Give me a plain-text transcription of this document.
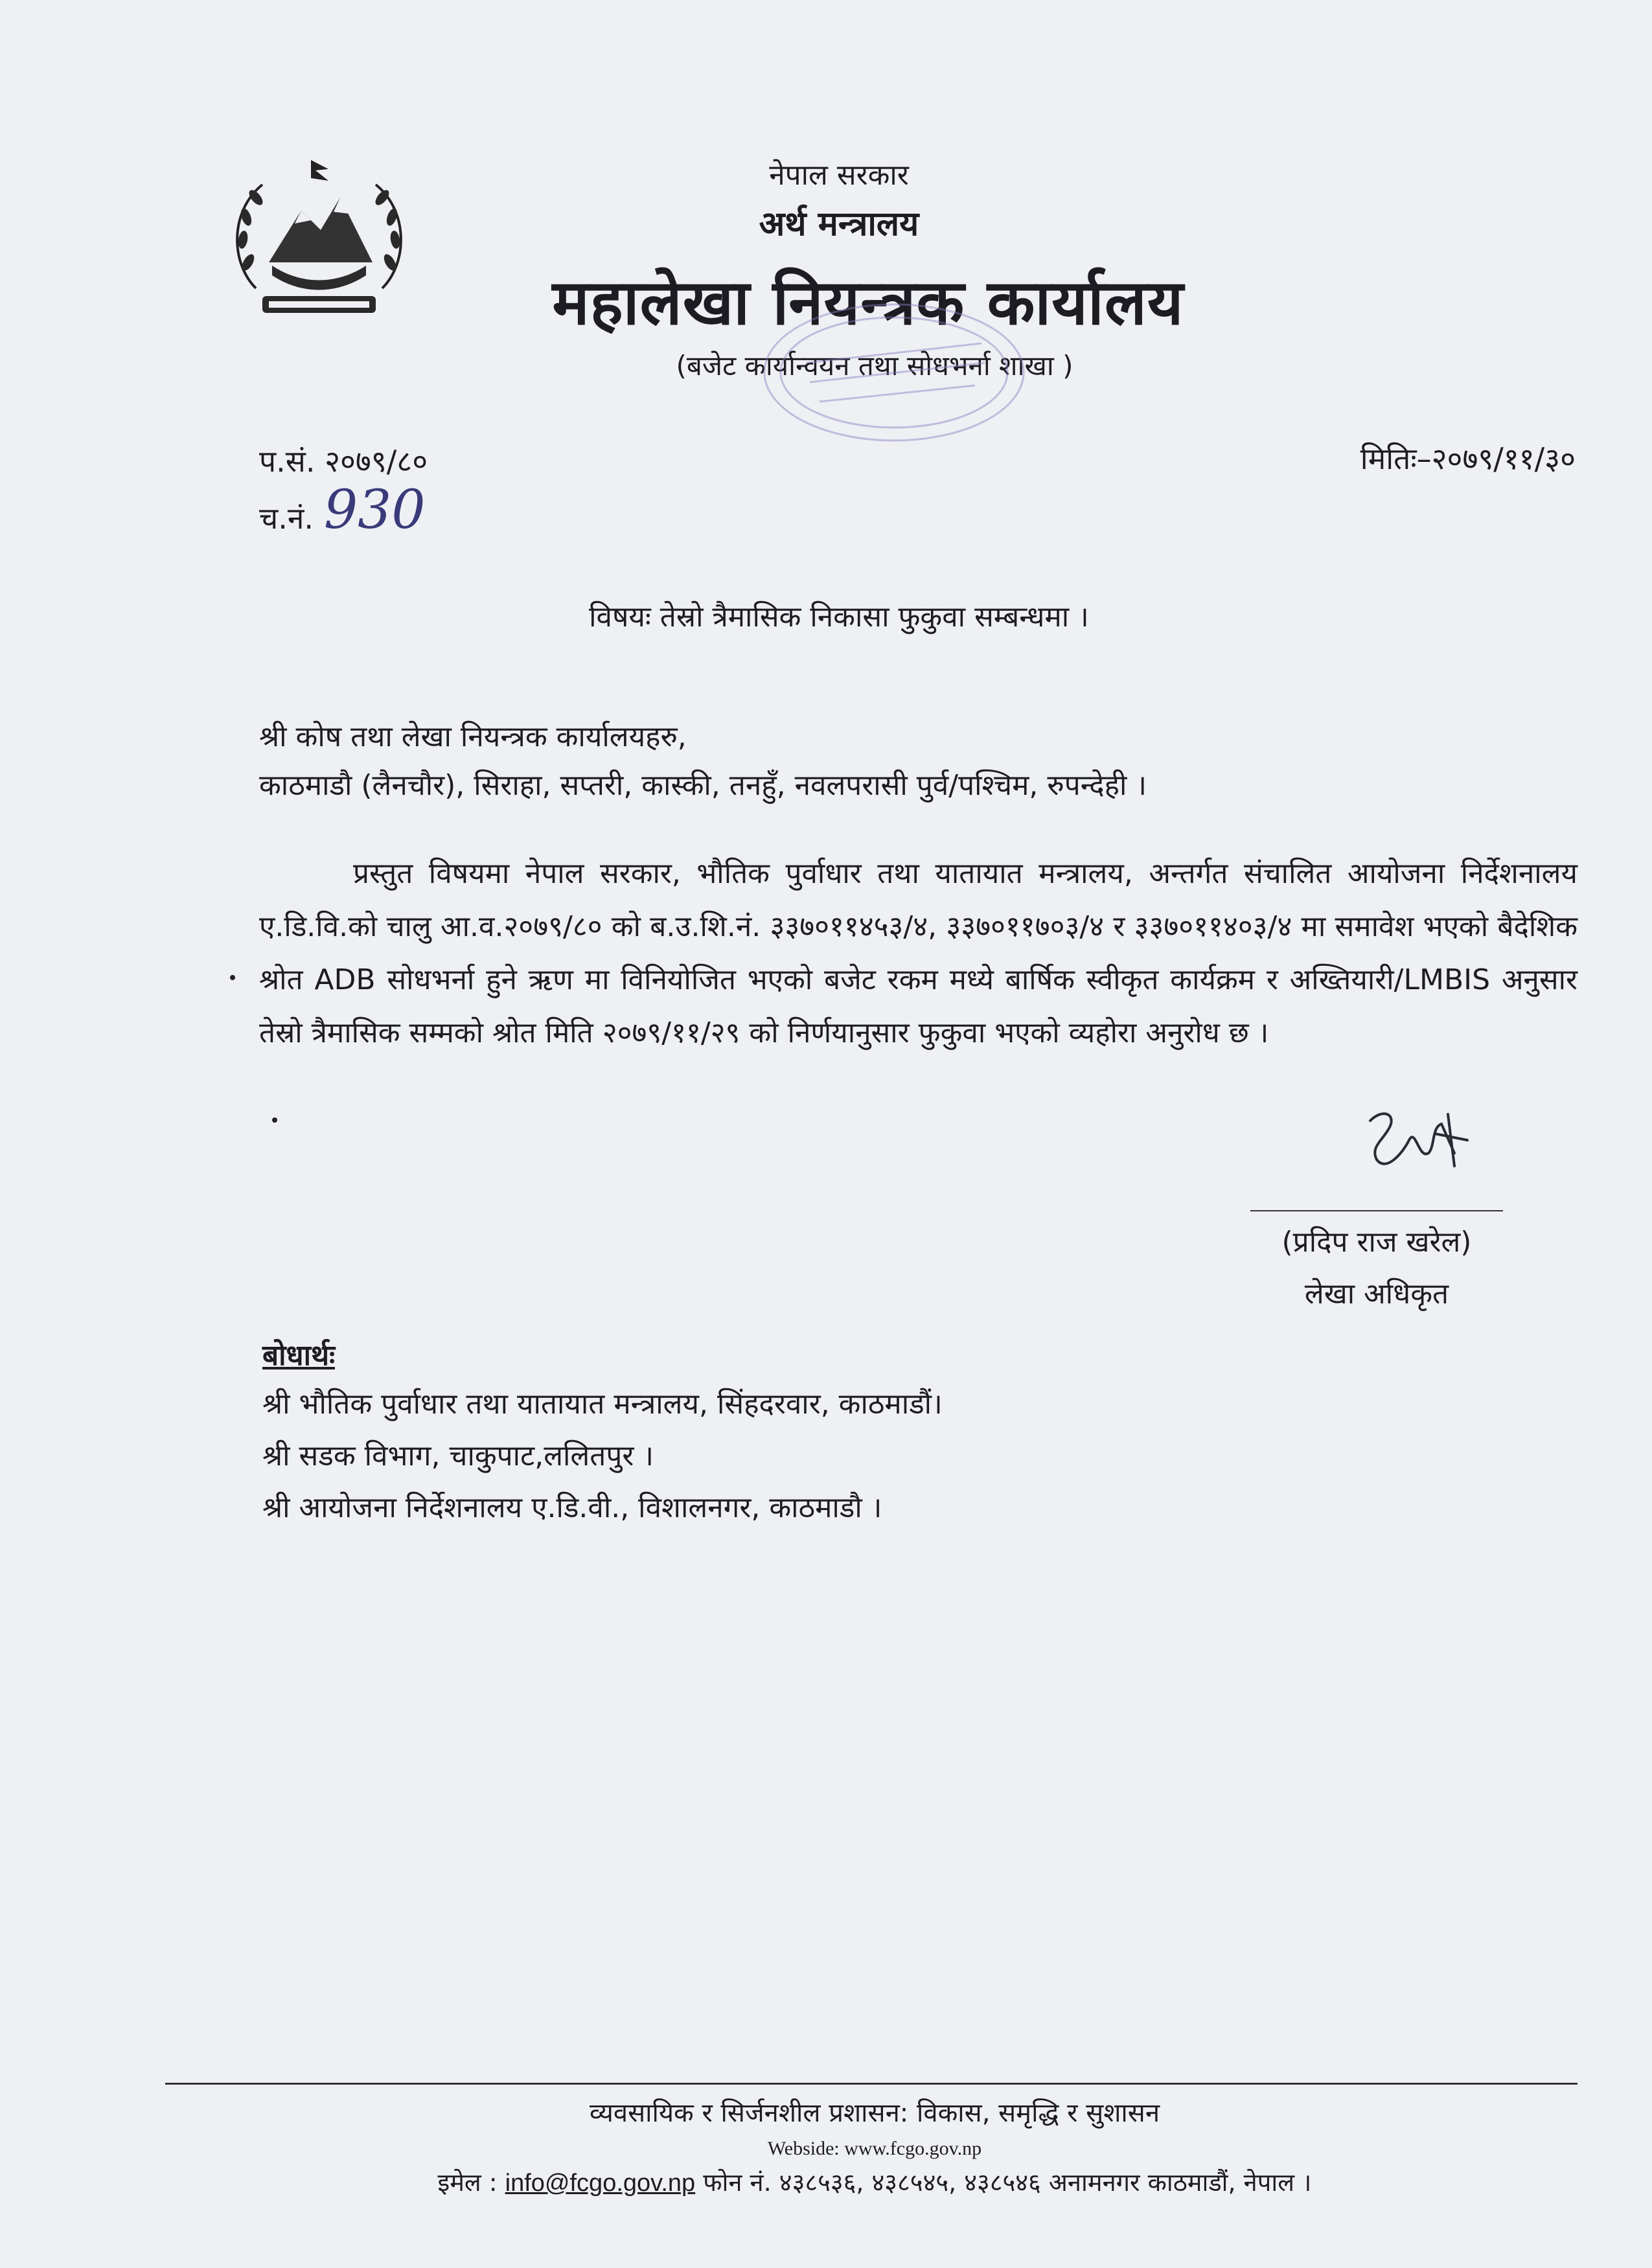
नेपाल सरकार
अर्थ मन्त्रालय
महालेखा नियन्त्रक कार्यालय
(बजेट कार्यान्वयन तथा सोधभर्ना शाखा )
प.सं. २०७९/८०
च.नं. 930
मितिः–२०७९/११/३०
विषयः तेस्रो त्रैमासिक निकासा फुकुवा सम्बन्धमा ।
श्री कोष तथा लेखा नियन्त्रक कार्यालयहरु,
काठमाडौ (लैनचौर), सिराहा, सप्तरी, कास्की, तनहुँ, नवलपरासी पुर्व/पश्चिम, रुपन्देही ।
प्रस्तुत विषयमा नेपाल सरकार, भौतिक पुर्वाधार तथा यातायात मन्त्रालय, अन्तर्गत संचालित आयोजना निर्देशनालय ए.डि.वि.को चालु आ.व.२०७९/८० को ब.उ.शि.नं. ३३७०११४५३/४, ३३७०११७०३/४ र ३३७०११४०३/४ मा समावेश भएको बैदेशिक श्रोत ADB सोधभर्ना हुने ऋण मा विनियोजित भएको बजेट रकम मध्ये बार्षिक स्वीकृत कार्यक्रम र अख्तियारी/LMBIS अनुसार तेस्रो त्रैमासिक सम्मको श्रोत मिति २०७९/११/२९ को निर्णयानुसार फुकुवा भएको व्यहोरा अनुरोध छ ।
(प्रदिप राज खरेल)
लेखा अधिकृत
बोधार्थः
श्री भौतिक पुर्वाधार तथा यातायात मन्त्रालय, सिंहदरवार, काठमाडौं।
श्री सडक विभाग, चाकुपाट,ललितपुर ।
श्री आयोजना निर्देशनालय ए.डि.वी., विशालनगर, काठमाडौ ।
व्यवसायिक र सिर्जनशील प्रशासन: विकास, समृद्धि र सुशासन
Webside: www.fcgo.gov.np
इमेल : info@fcgo.gov.np फोन नं. ४३८५३६, ४३८५४५, ४३८५४६ अनामनगर काठमाडौं, नेपाल ।
